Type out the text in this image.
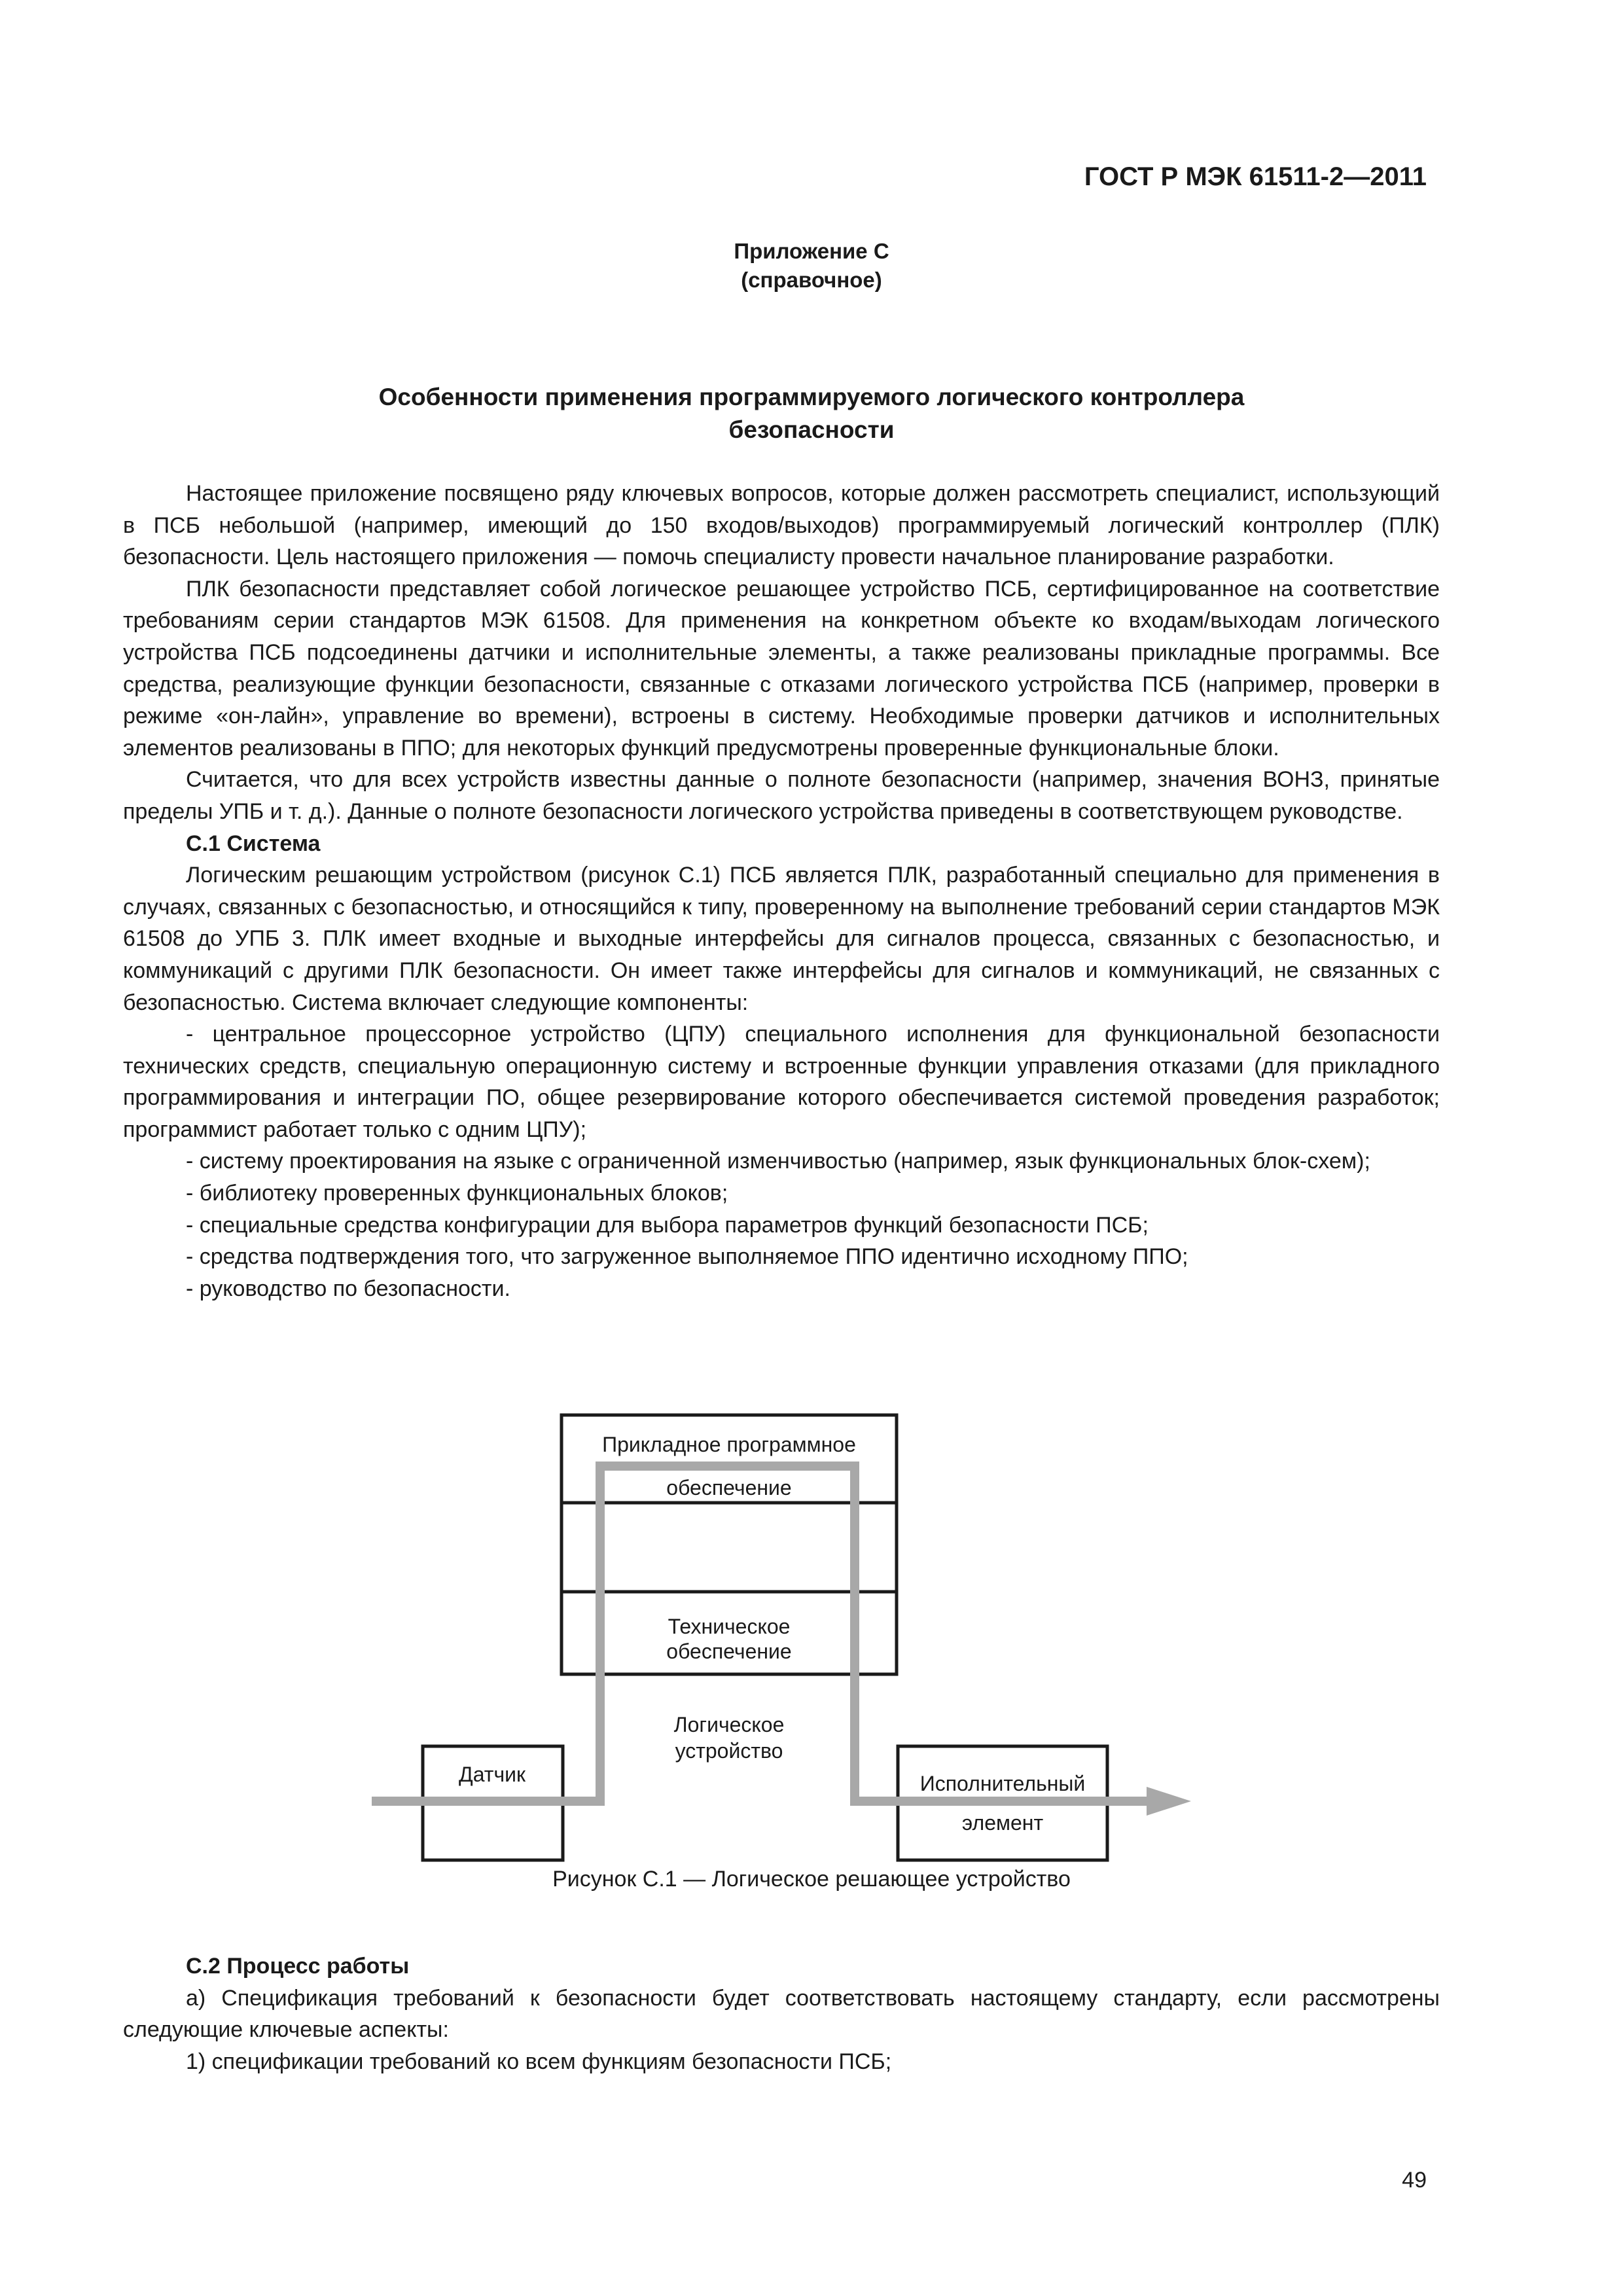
ГОСТ Р МЭК 61511-2—2011
Приложение С
(справочное)
Особенности применения программируемого логического контроллера
безопасности

Настоящее приложение посвящено ряду ключевых вопросов, которые должен рассмотреть специалист, использующий в ПСБ небольшой (например, имеющий до 150 входов/выходов) программируемый логический контроллер (ПЛК) безопасности. Цель настоящего приложения — помочь специалисту провести начальное планирование разработки.

ПЛК безопасности представляет собой логическое решающее устройство ПСБ, сертифицированное на соответствие требованиям серии стандартов МЭК 61508. Для применения на конкретном объекте ко входам/выходам логического устройства ПСБ подсоединены датчики и исполнительные элементы, а также реализованы прикладные программы. Все средства, реализующие функции безопасности, связанные с отказами логического устройства ПСБ (например, проверки в режиме «он-лайн», управление во времени), встроены в систему. Необходимые проверки датчиков и исполнительных элементов реализованы в ППО; для некоторых функций предусмотрены проверенные функциональные блоки.

Считается, что для всех устройств известны данные о полноте безопасности (например, значения ВОНЗ, принятые пределы УПБ и т. д.). Данные о полноте безопасности логического устройства приведены в соответствующем руководстве.

С.1 Система

Логическим решающим устройством (рисунок С.1) ПСБ является ПЛК, разработанный специально для применения в случаях, связанных с безопасностью, и относящийся к типу, проверенному на выполнение требований серии стандартов МЭК 61508 до УПБ 3. ПЛК имеет входные и выходные интерфейсы для сигналов процесса, связанных с безопасностью, и коммуникаций с другими ПЛК безопасности. Он имеет также интерфейсы для сигналов и коммуникаций, не связанных с безопасностью. Система включает следующие компоненты:

- центральное процессорное устройство (ЦПУ) специального исполнения для функциональной безопасности технических средств, специальную операционную систему и встроенные функции управления отказами (для прикладного программирования и интеграции ПО, общее резервирование которого обеспечивается системой проведения разработок; программист работает только с одним ЦПУ);

- систему проектирования на языке с ограниченной изменчивостью (например, язык функциональных блок-схем);

- библиотеку проверенных функциональных блоков;

- специальные средства конфигурации для выбора параметров функций безопасности ПСБ;

- средства подтверждения того, что загруженное выполняемое ППО идентично исходному ППО;

- руководство по безопасности.

Прикладное программное
обеспечение
Техническое
обеспечение
Логическое
устройство
Датчик	Исполнительный
элемент
Рисунок С.1 — Логическое решающее устройство

С.2 Процесс работы

а) Спецификация требований к безопасности будет соответствовать настоящему стандарту, если рассмотрены следующие ключевые аспекты:

1) спецификации требований ко всем функциям безопасности ПСБ;

49
